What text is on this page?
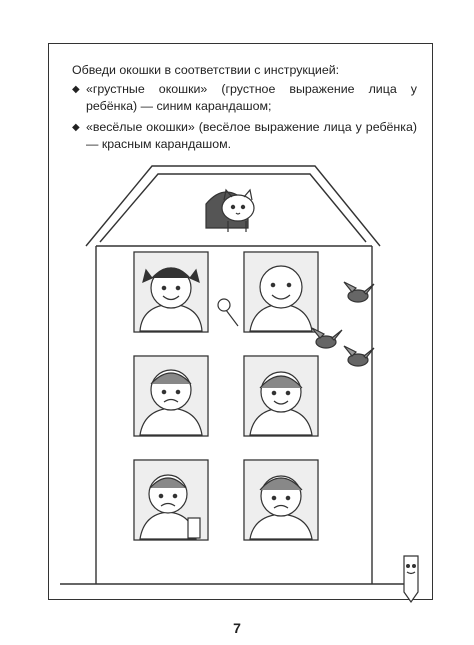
Обведи окошки в соответствии с инструкцией:

◆ «грустные окошки» (грустное выражение лица у ребёнка) — синим карандашом;
◆ «весёлые окошки» (весёлое выражение лица у ребёнка) — красным карандашом.
7
